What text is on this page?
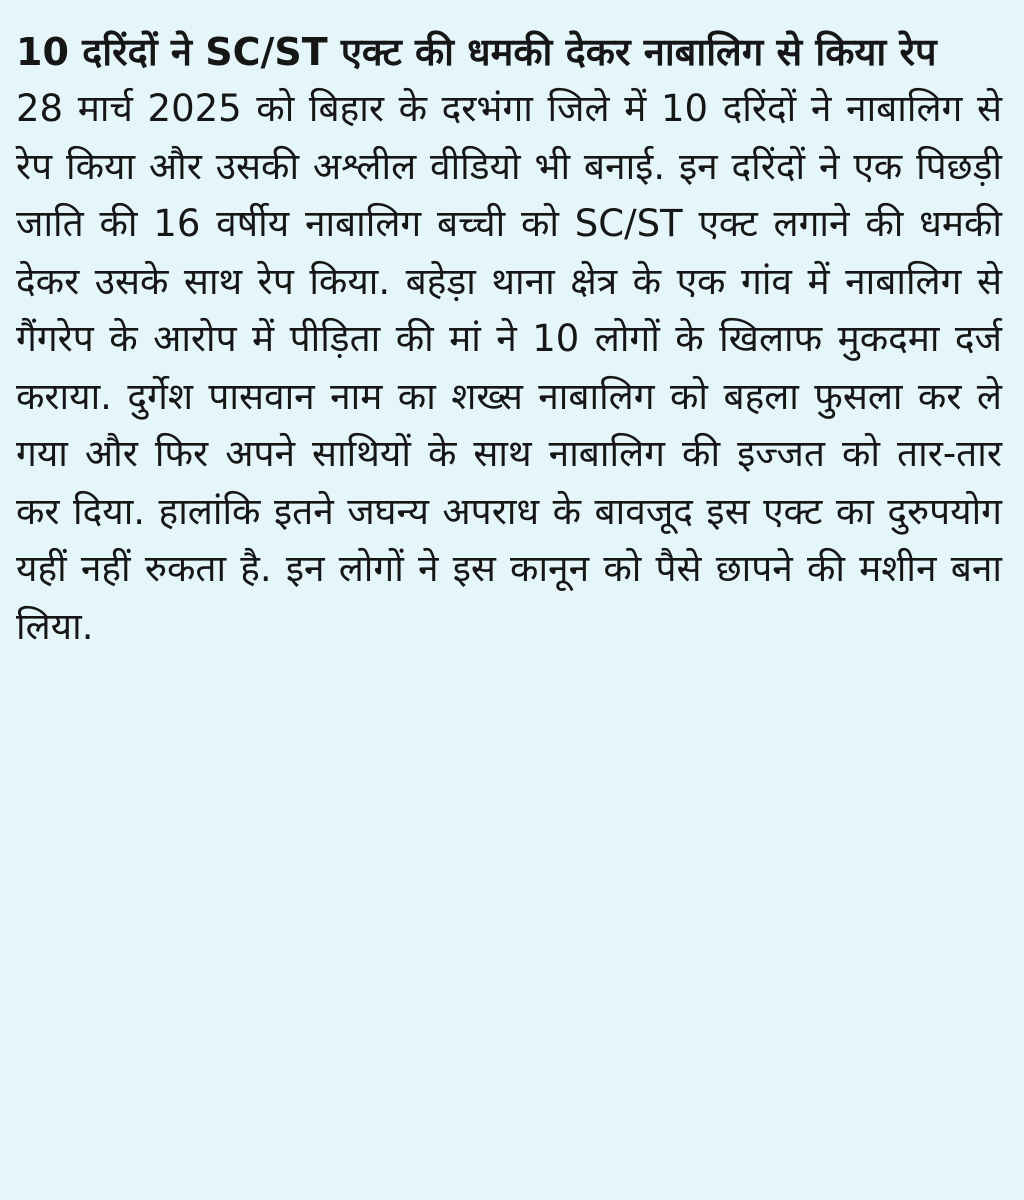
10 दरिंदों ने SC/ST एक्ट की धमकी देकर नाबालिग से किया रेप

28 मार्च 2025 को बिहार के दरभंगा जिले में 10 दरिंदों ने नाबालिग से रेप किया और उसकी अश्लील वीडियो भी बनाई. इन दरिंदों ने एक पिछड़ी जाति की 16 वर्षीय नाबालिग बच्ची को SC/ST एक्ट लगाने की धमकी देकर उसके साथ रेप किया. बहेड़ा थाना क्षेत्र के एक गांव में नाबालिग से गैंगरेप के आरोप में पीड़िता की मां ने 10 लोगों के खिलाफ मुकदमा दर्ज कराया. दुर्गेश पासवान नाम का शख्स नाबालिग को बहला फुसला कर ले गया और फिर अपने साथियों के साथ नाबालिग की इज्जत को तार-तार कर दिया. हालांकि इतने जघन्य अपराध के बावजूद इस एक्ट का दुरुपयोग यहीं नहीं रुकता है. इन लोगों ने इस कानून को पैसे छापने की मशीन बना लिया.
